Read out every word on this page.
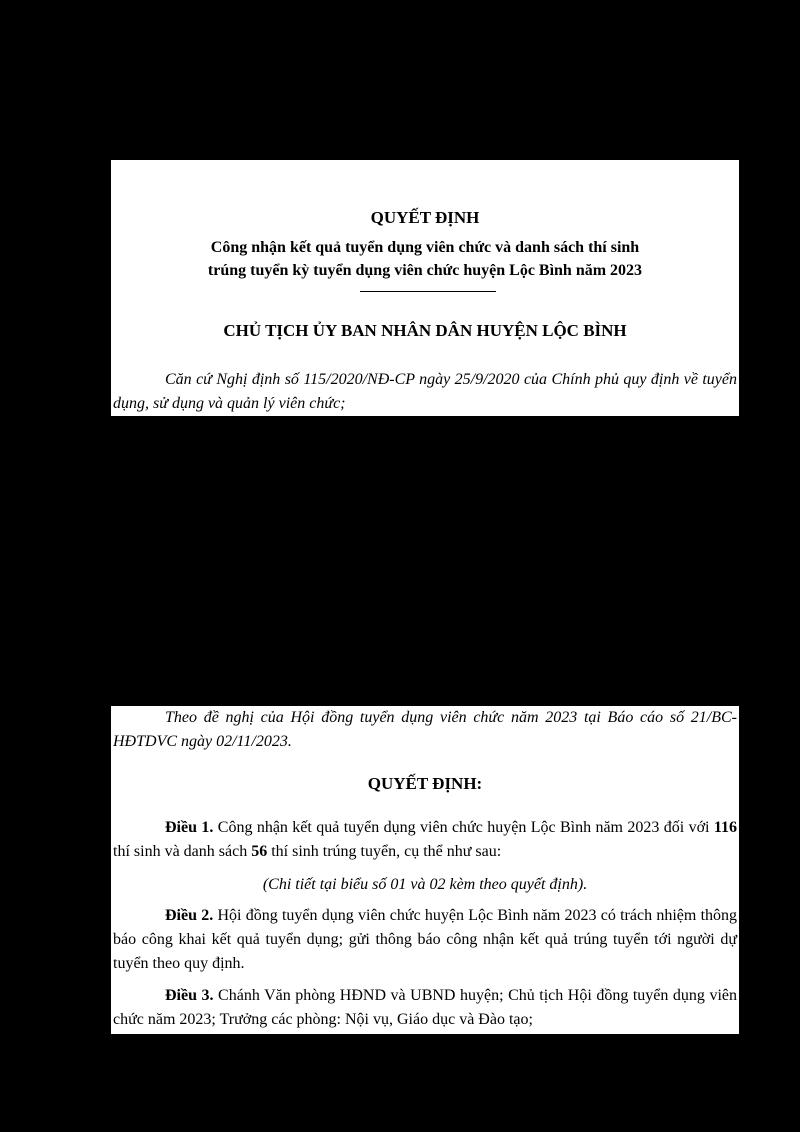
QUYẾT ĐỊNH
Công nhận kết quả tuyển dụng viên chức và danh sách thí sinh
trúng tuyển kỳ tuyển dụng viên chức huyện Lộc Bình năm 2023
CHỦ TỊCH ỦY BAN NHÂN DÂN HUYỆN LỘC BÌNH
Căn cứ Nghị định số 115/2020/NĐ-CP ngày 25/9/2020 của Chính phủ quy định về tuyển dụng, sử dụng và quản lý viên chức;
Theo đề nghị của Hội đồng tuyển dụng viên chức năm 2023 tại Báo cáo số 21/BC-HĐTDVC ngày 02/11/2023.
QUYẾT ĐỊNH:
Điều 1. Công nhận kết quả tuyển dụng viên chức huyện Lộc Bình năm 2023 đối với 116 thí sinh và danh sách 56 thí sinh trúng tuyển, cụ thể như sau:
(Chi tiết tại biểu số 01 và 02 kèm theo quyết định).
Điều 2. Hội đồng tuyển dụng viên chức huyện Lộc Bình năm 2023 có trách nhiệm thông báo công khai kết quả tuyển dụng; gửi thông báo công nhận kết quả trúng tuyển tới người dự tuyển theo quy định.
Điều 3. Chánh Văn phòng HĐND và UBND huyện; Chủ tịch Hội đồng tuyển dụng viên chức năm 2023; Trưởng các phòng: Nội vụ, Giáo dục và Đào tạo;
